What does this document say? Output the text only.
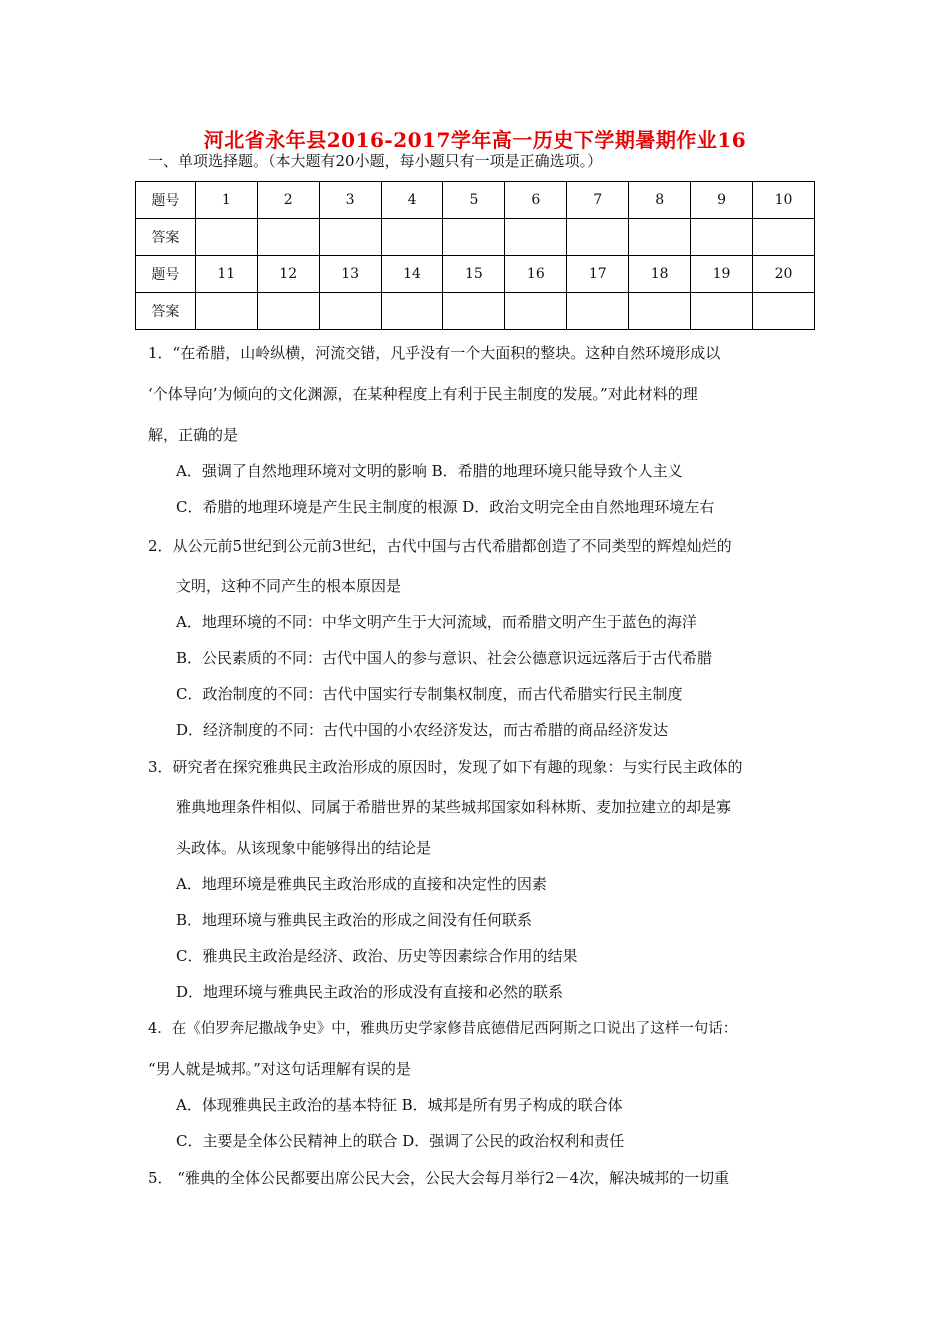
河北省永年县2016-2017学年高一历史下学期暑期作业16
一、单项选择题。（本大题有20小题，每小题只有一项是正确选项。）
题号	1	2	3	4	5	6	7	8	9	10
答案										
题号	11	12	13	14	15	16	17	18	19	20
答案										
1．“在希腊，山岭纵横，河流交错，凡乎没有一个大面积的整块。这种自然环境形成以
‘个体导向’为倾向的文化渊源，在某种程度上有利于民主制度的发展。”对此材料的理
解，正确的是
A．强调了自然地理环境对文明的影响 B．希腊的地理环境只能导致个人主义
C．希腊的地理环境是产生民主制度的根源 D．政治文明完全由自然地理环境左右
2．从公元前5世纪到公元前3世纪，古代中国与古代希腊都创造了不同类型的辉煌灿烂的
文明，这种不同产生的根本原因是
A．地理环境的不同：中华文明产生于大河流域，而希腊文明产生于蓝色的海洋
B．公民素质的不同：古代中国人的参与意识、社会公德意识远远落后于古代希腊
C．政治制度的不同：古代中国实行专制集权制度，而古代希腊实行民主制度
D．经济制度的不同：古代中国的小农经济发达，而古希腊的商品经济发达
3．研究者在探究雅典民主政治形成的原因时，发现了如下有趣的现象：与实行民主政体的
雅典地理条件相似、同属于希腊世界的某些城邦国家如科林斯、麦加拉建立的却是寡
头政体。从该现象中能够得出的结论是
A．地理环境是雅典民主政治形成的直接和决定性的因素
B．地理环境与雅典民主政治的形成之间没有任何联系
C．雅典民主政治是经济、政治、历史等因素综合作用的结果
D．地理环境与雅典民主政治的形成没有直接和必然的联系
4．在《伯罗奔尼撒战争史》中，雅典历史学家修昔底德借尼西阿斯之口说出了这样一句话：
“男人就是城邦。”对这句话理解有误的是
A．体现雅典民主政治的基本特征 B．城邦是所有男子构成的联合体
C．主要是全体公民精神上的联合 D．强调了公民的政治权利和责任
5． “雅典的全体公民都要出席公民大会，公民大会每月举行2－4次，解决城邦的一切重
